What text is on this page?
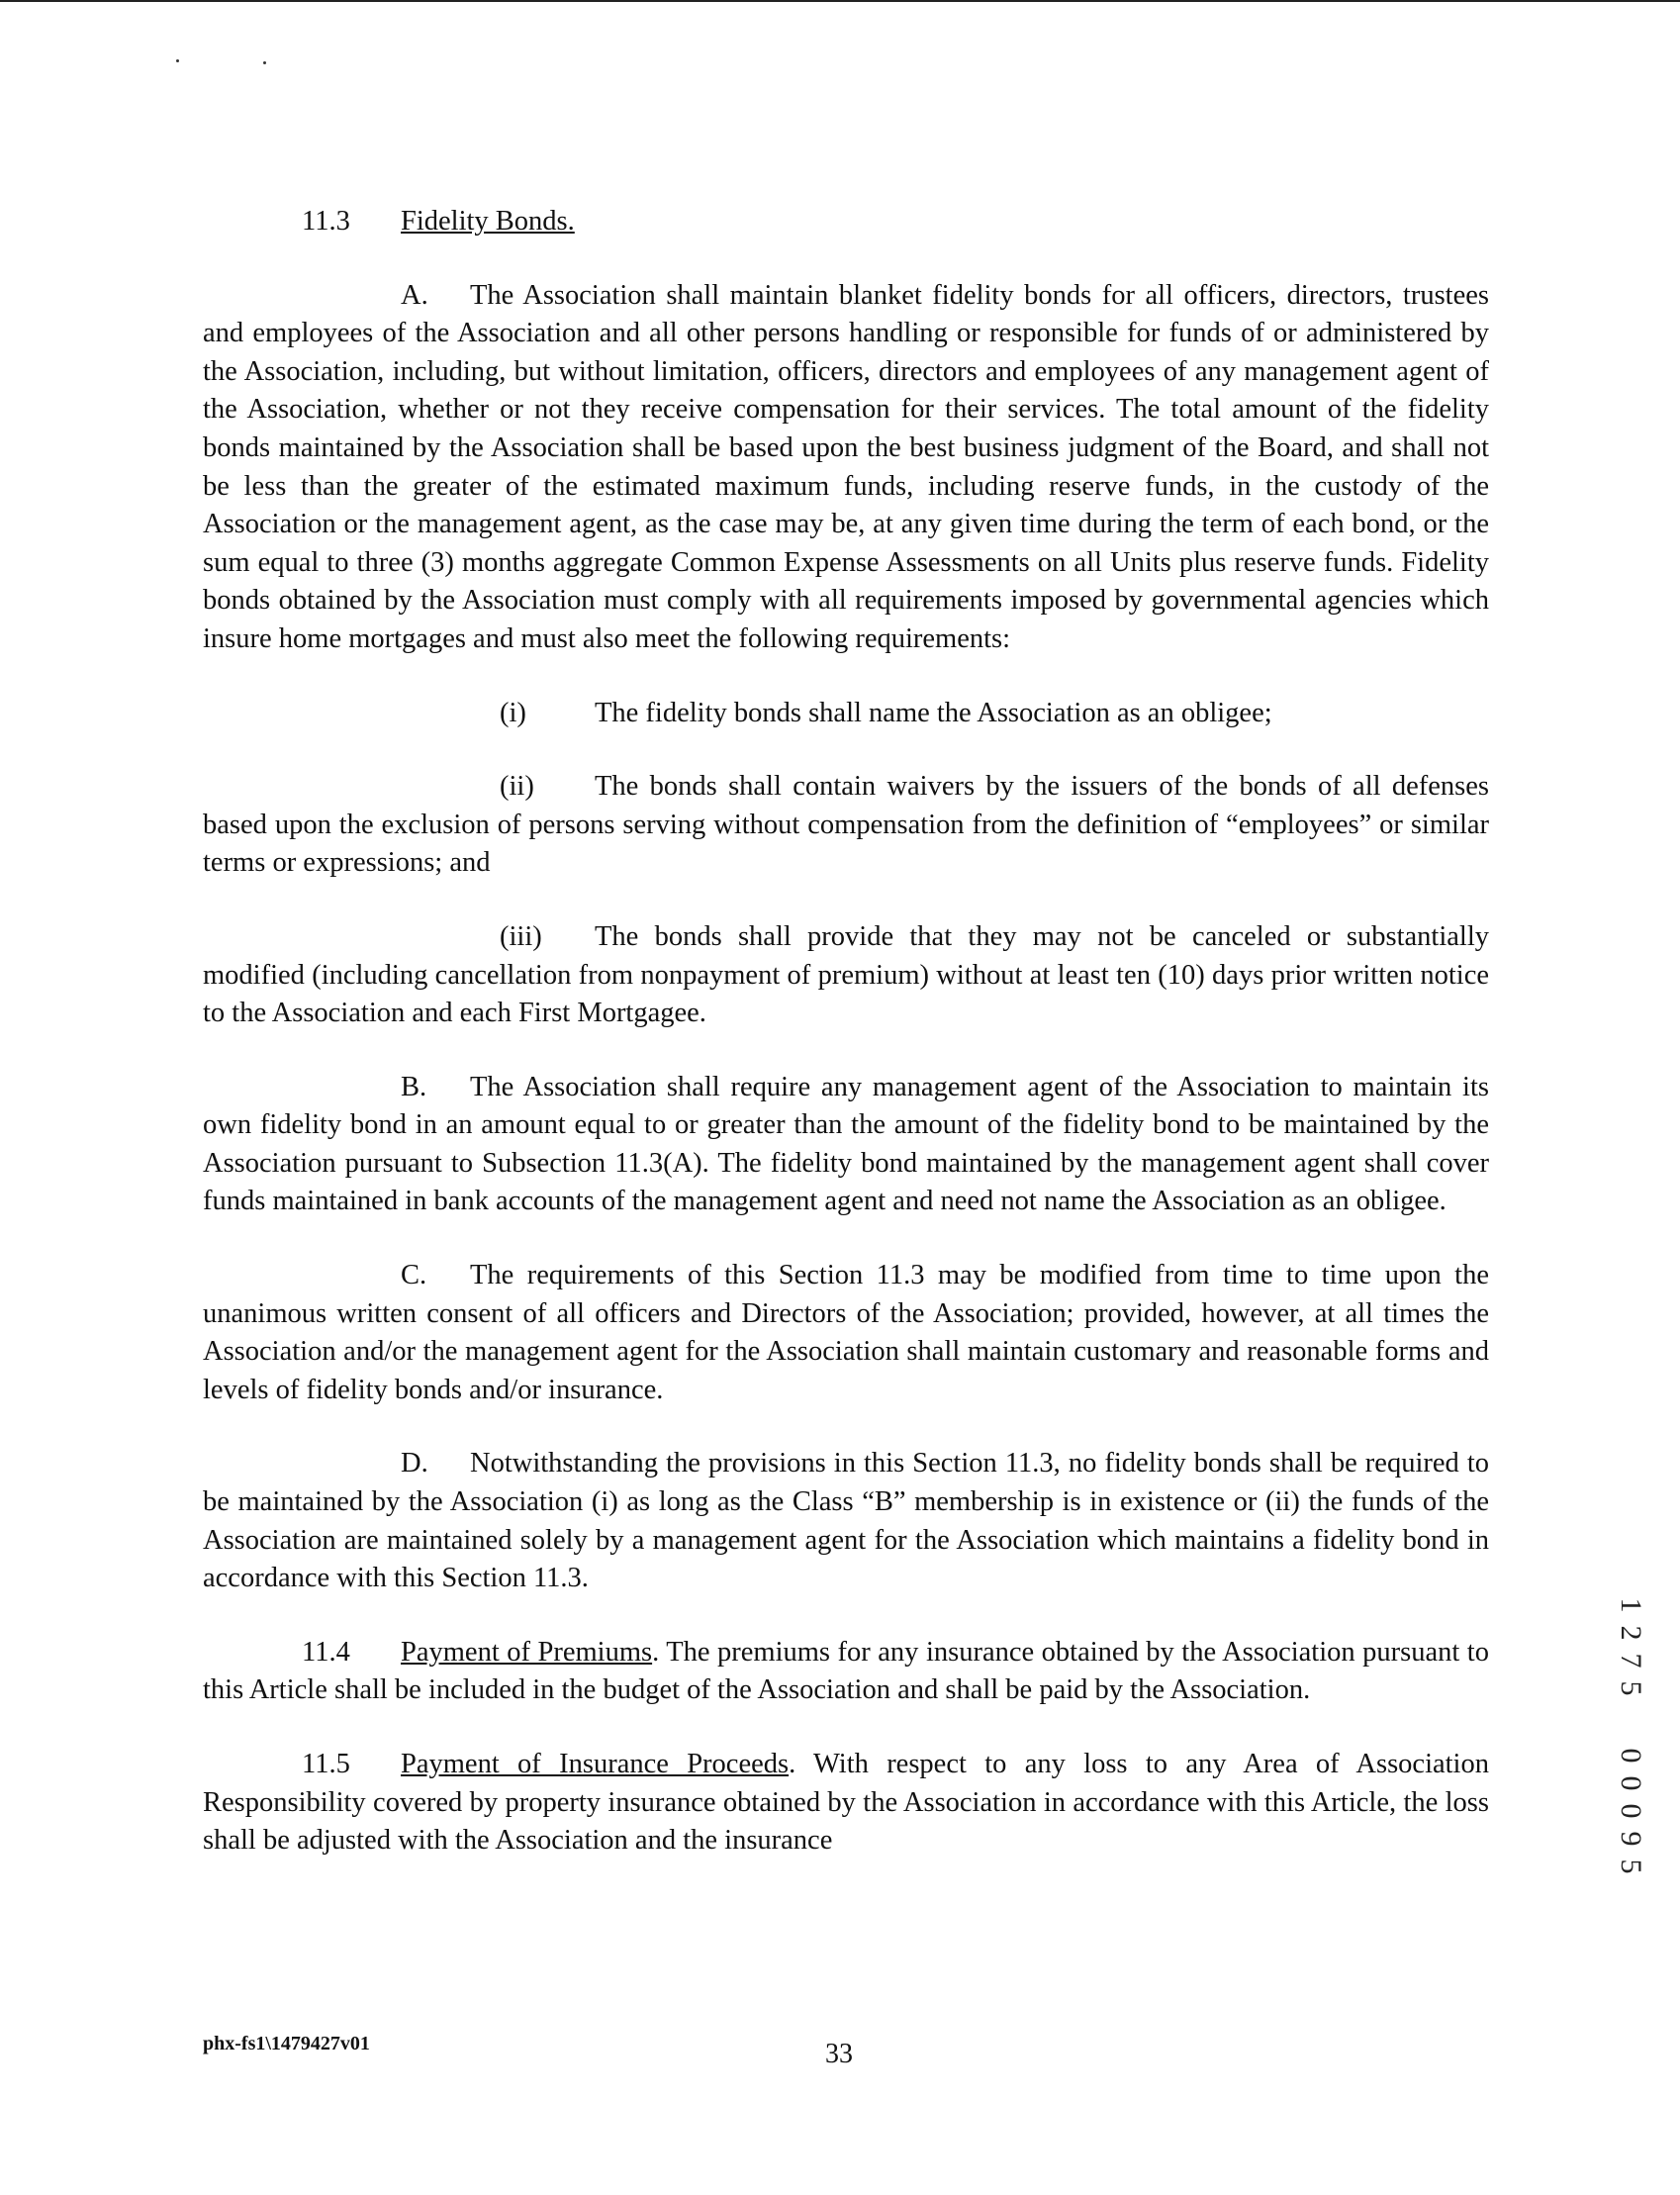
11.3 Fidelity Bonds.

A. The Association shall maintain blanket fidelity bonds for all officers, directors, trustees and employees of the Association and all other persons handling or responsible for funds of or administered by the Association, including, but without limitation, officers, directors and employees of any management agent of the Association, whether or not they receive compensation for their services. The total amount of the fidelity bonds maintained by the Association shall be based upon the best business judgment of the Board, and shall not be less than the greater of the estimated maximum funds, including reserve funds, in the custody of the Association or the management agent, as the case may be, at any given time during the term of each bond, or the sum equal to three (3) months aggregate Common Expense Assessments on all Units plus reserve funds. Fidelity bonds obtained by the Association must comply with all requirements imposed by governmental agencies which insure home mortgages and must also meet the following requirements:

(i) The fidelity bonds shall name the Association as an obligee;

(ii) The bonds shall contain waivers by the issuers of the bonds of all defenses based upon the exclusion of persons serving without compensation from the definition of “employees” or similar terms or expressions; and

(iii) The bonds shall provide that they may not be canceled or substantially modified (including cancellation from nonpayment of premium) without at least ten (10) days prior written notice to the Association and each First Mortgagee.

B. The Association shall require any management agent of the Association to maintain its own fidelity bond in an amount equal to or greater than the amount of the fidelity bond to be maintained by the Association pursuant to Subsection 11.3(A). The fidelity bond maintained by the management agent shall cover funds maintained in bank accounts of the management agent and need not name the Association as an obligee.

C. The requirements of this Section 11.3 may be modified from time to time upon the unanimous written consent of all officers and Directors of the Association; provided, however, at all times the Association and/or the management agent for the Association shall maintain customary and reasonable forms and levels of fidelity bonds and/or insurance.

D. Notwithstanding the provisions in this Section 11.3, no fidelity bonds shall be required to be maintained by the Association (i) as long as the Class “B” membership is in existence or (ii) the funds of the Association are maintained solely by a management agent for the Association which maintains a fidelity bond in accordance with this Section 11.3.

11.4 Payment of Premiums. The premiums for any insurance obtained by the Association pursuant to this Article shall be included in the budget of the Association and shall be paid by the Association.

11.5 Payment of Insurance Proceeds. With respect to any loss to any Area of Association Responsibility covered by property insurance obtained by the Association in accordance with this Article, the loss shall be adjusted with the Association and the insurance

phx-fs1\1479427v01	33
1
2
7
5
0
0
0
9
5
